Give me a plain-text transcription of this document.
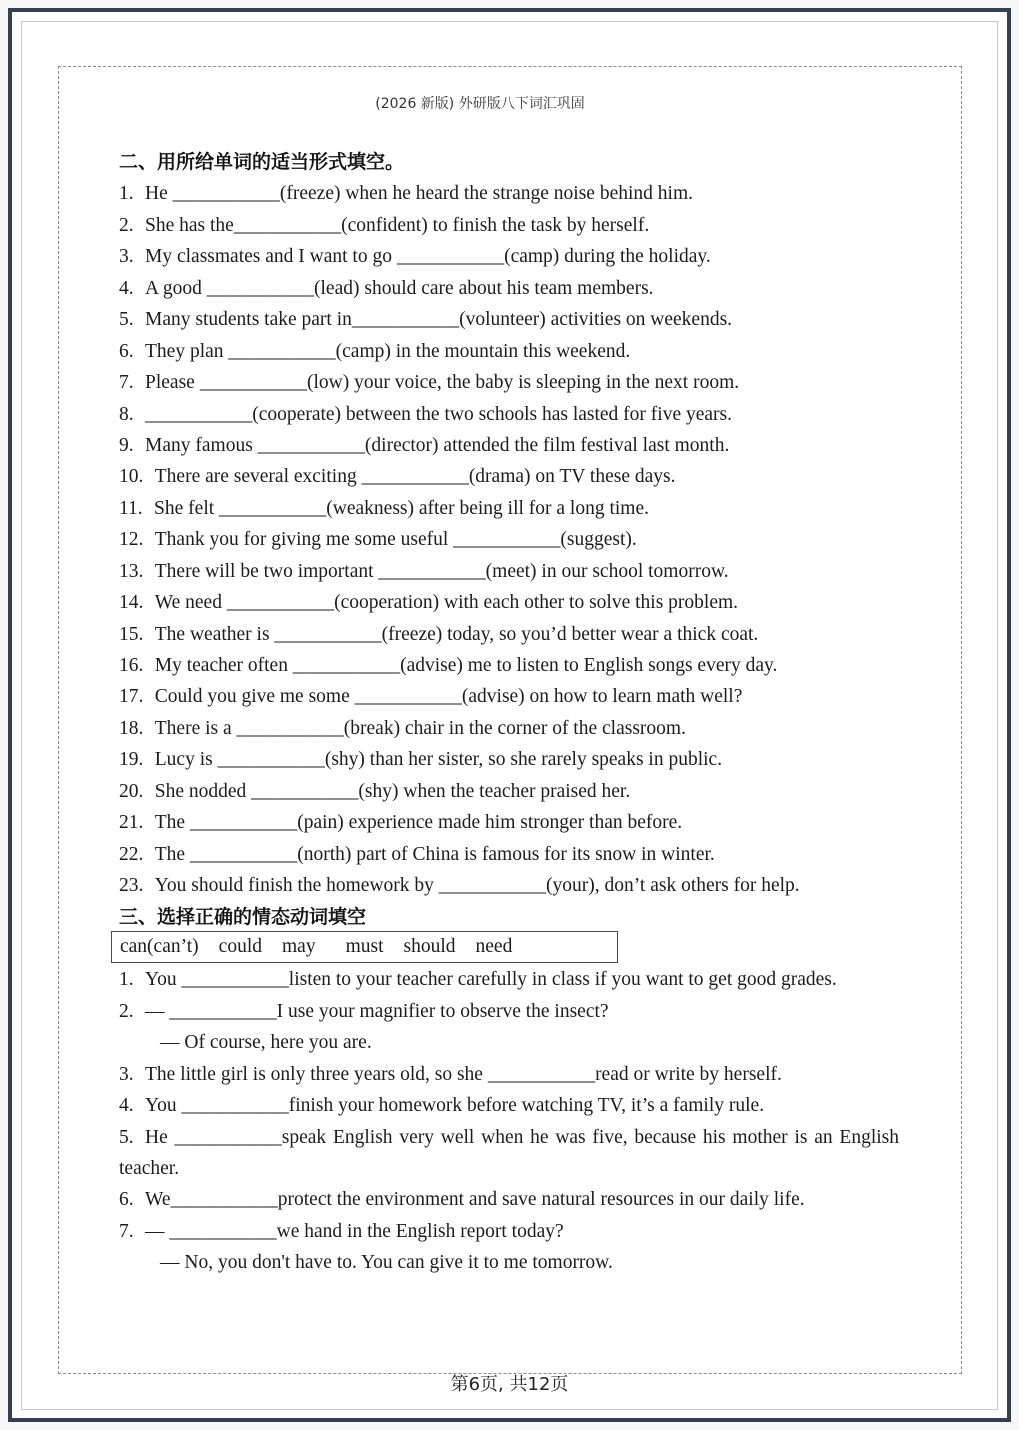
(2026 新版) 外研版八下词汇巩固
二、用所给单词的适当形式填空。
1. He ___________(freeze) when he heard the strange noise behind him.
2. She has the___________(confident) to finish the task by herself.
3. My classmates and I want to go ___________(camp) during the holiday.
4. A good ___________(lead) should care about his team members.
5. Many students take part in___________(volunteer) activities on weekends.
6. They plan ___________(camp) in the mountain this weekend.
7. Please ___________(low) your voice, the baby is sleeping in the next room.
8. ___________(cooperate) between the two schools has lasted for five years.
9. Many famous ___________(director) attended the film festival last month.
10. There are several exciting ___________(drama) on TV these days.
11. She felt ___________(weakness) after being ill for a long time.
12. Thank you for giving me some useful ___________(suggest).
13. There will be two important ___________(meet) in our school tomorrow.
14. We need ___________(cooperation) with each other to solve this problem.
15. The weather is ___________(freeze) today, so you’d better wear a thick coat.
16. My teacher often ___________(advise) me to listen to English songs every day.
17. Could you give me some ___________(advise) on how to learn math well?
18. There is a ___________(break) chair in the corner of the classroom.
19. Lucy is ___________(shy) than her sister, so she rarely speaks in public.
20. She nodded ___________(shy) when the teacher praised her.
21. The ___________(pain) experience made him stronger than before.
22. The ___________(north) part of China is famous for its snow in winter.
23. You should finish the homework by ___________(your), don’t ask others for help.
三、选择正确的情态动词填空
can(can’t) could may must should need
1. You ___________listen to your teacher carefully in class if you want to get good grades.
2. — ___________I use your magnifier to observe the insect?
— Of course, here you are.
3. The little girl is only three years old, so she ___________read or write by herself.
4. You ___________finish your homework before watching TV, it’s a family rule.
5. He ___________speak English very well when he was five, because his mother is an English
teacher.
6. We___________protect the environment and save natural resources in our daily life.
7. — ___________we hand in the English report today?
— No, you don't have to. You can give it to me tomorrow.
第6页, 共12页
